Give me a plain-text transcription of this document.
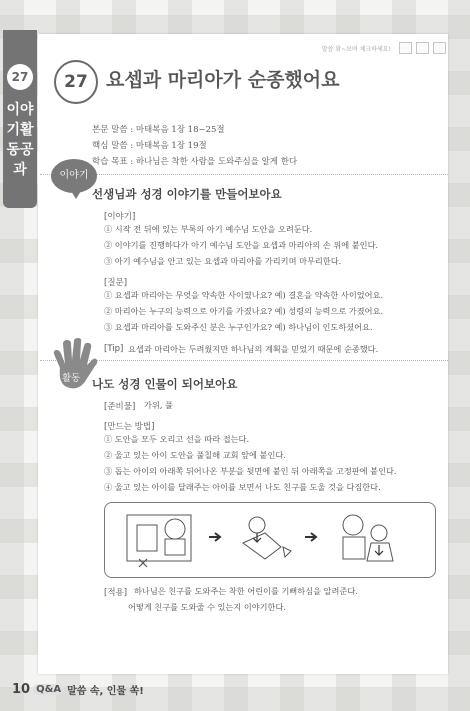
27
이야기활동공과
말씀 확~보며 체크하세요!
27 요셉과 마리아가 순종했어요
본문 말씀 : 마태복음 1장 18~25절
핵심 말씀 : 마태복음 1장 19절
학습 목표 : 하나님은 착한 사람을 도와주심을 알게 한다
이야기
선생님과 성경 이야기를 만들어보아요
[이야기]
① 시작 전 뒤에 있는 부록의 아기 예수님 도안을 오려둔다.
② 이야기를 진행하다가 아기 예수님 도안을 요셉과 마리아의 손 위에 붙인다.
③ 아기 예수님을 안고 있는 요셉과 마리아를 가리키며 마무리한다.
[질문]
① 요셉과 마리아는 무엇을 약속한 사이였나요? 예) 결혼을 약속한 사이었어요.
② 마리아는 누구의 능력으로 아기를 가졌나요? 예) 성령의 능력으로 가졌어요.
③ 요셉과 마리아를 도와주신 분은 누구인가요? 예) 하나님이 인도하셨어요.
[Tip] 요셉과 마리아는 두려웠지만 하나님의 계획을 믿었기 때문에 순종했다.
활동 나도 성경 인물이 되어보아요
[준비물] 가위, 풀
[만드는 방법]
① 도안을 모두 오리고 선을 따라 접는다.
② 울고 있는 아이 도안을 풀칠해 교회 앞에 붙인다.
③ 돕는 아이의 아래쪽 뒤어나온 부분을 뒷면에 붙인 뒤 아래쪽을 고정판에 붙인다.
④ 울고 있는 아이를 달래주는 아이를 보면서 나도 친구를 도울 것을 다짐한다.
[적용] 하나님은 친구를 도와주는 착한 어린이를 기뻐하심을 알려준다.
어떻게 친구를 도와줄 수 있는지 이야기한다.
10 Q&A 말씀 속, 인물 쏙!
